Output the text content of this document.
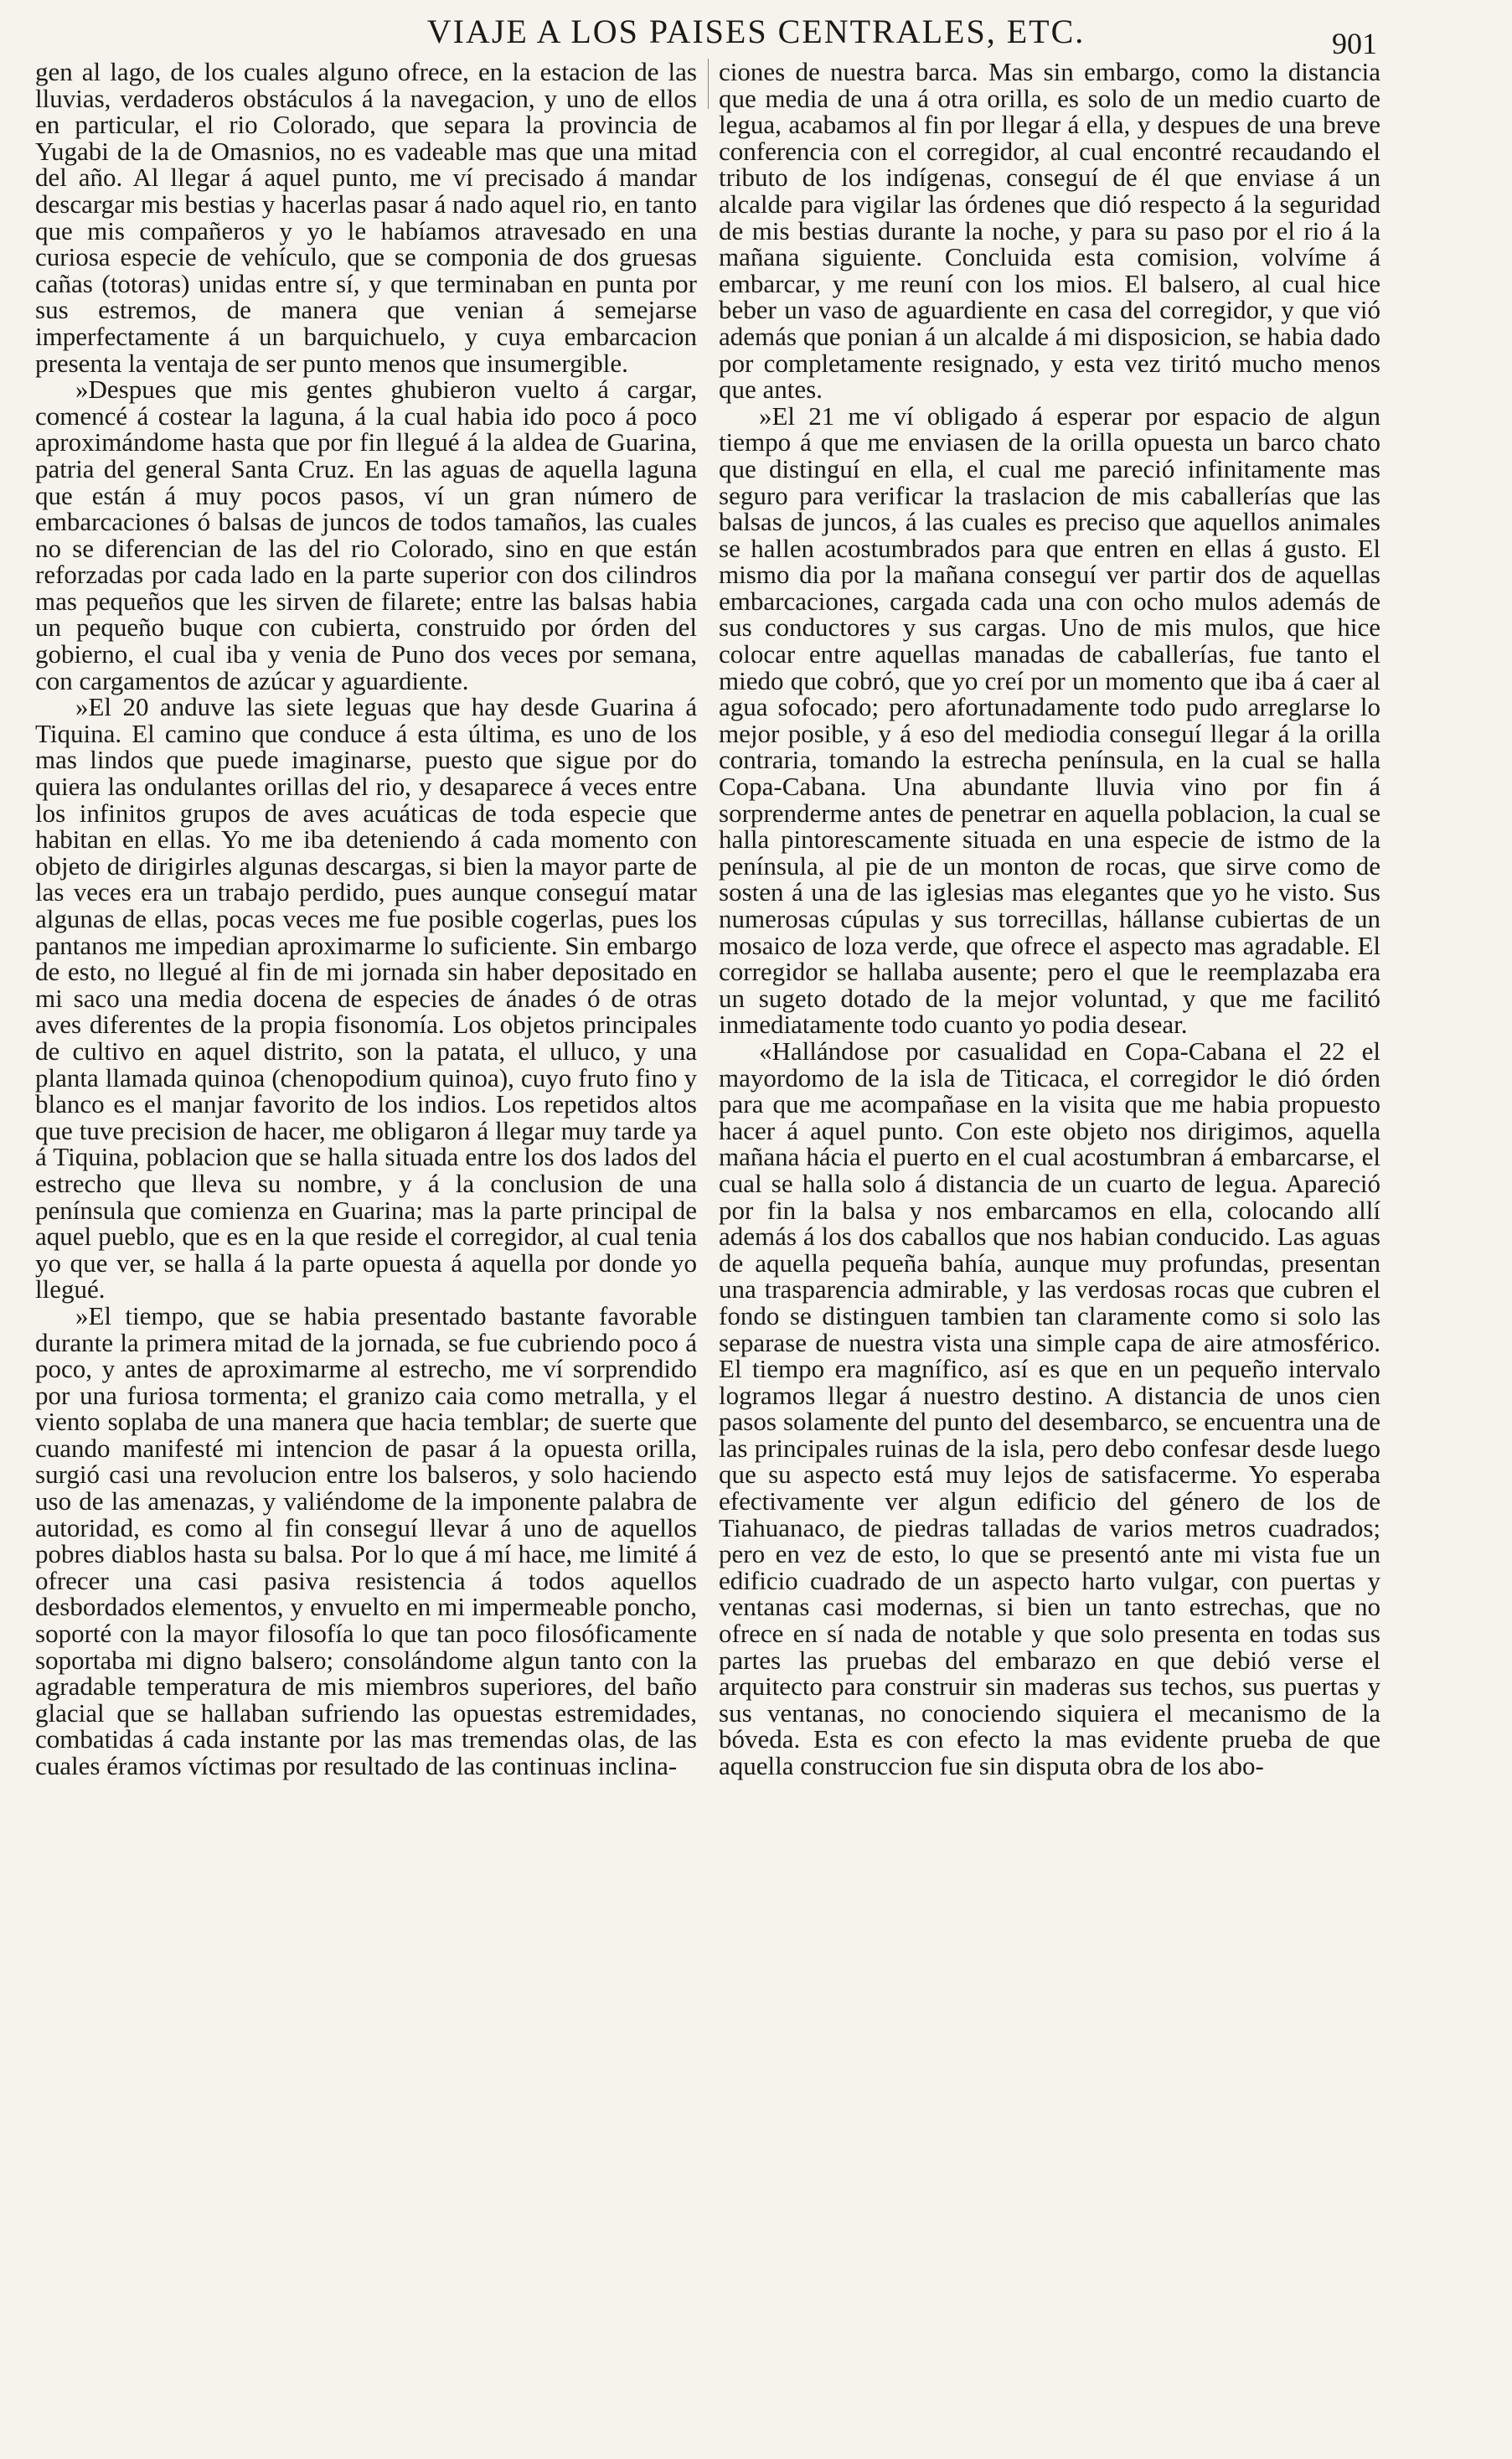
VIAJE A LOS PAISES CENTRALES, ETC.	901

gen al lago, de los cuales alguno ofrece, en la estacion de las lluvias, verdaderos obstáculos á la navegacion, y uno de ellos en particular, el rio Colorado, que separa la provincia de Yugabi de la de Omasnios, no es vadeable mas que una mitad del año. Al llegar á aquel punto, me ví precisado á mandar descargar mis bestias y hacerlas pasar á nado aquel rio, en tanto que mis compañeros y yo le habíamos atravesado en una curiosa especie de vehículo, que se componia de dos gruesas cañas (totoras) unidas entre sí, y que terminaban en punta por sus estremos, de manera que venian á semejarse imperfectamente á un barquichuelo, y cuya embarcacion presenta la ventaja de ser punto menos que insumergible.

»Despues que mis gentes ghubieron vuelto á cargar, comencé á costear la laguna, á la cual habia ido poco á poco aproximándome hasta que por fin llegué á la aldea de Guarina, patria del general Santa Cruz. En las aguas de aquella laguna que están á muy pocos pasos, ví un gran número de embarcaciones ó balsas de juncos de todos tamaños, las cuales no se diferencian de las del rio Colorado, sino en que están reforzadas por cada lado en la parte superior con dos cilindros mas pequeños que les sirven de filarete; entre las balsas habia un pequeño buque con cubierta, construido por órden del gobierno, el cual iba y venia de Puno dos veces por semana, con cargamentos de azúcar y aguardiente.

»El 20 anduve las siete leguas que hay desde Guarina á Tiquina. El camino que conduce á esta última, es uno de los mas lindos que puede imaginarse, puesto que sigue por do quiera las ondulantes orillas del rio, y desaparece á veces entre los infinitos grupos de aves acuáticas de toda especie que habitan en ellas. Yo me iba deteniendo á cada momento con objeto de dirigirles algunas descargas, si bien la mayor parte de las veces era un trabajo perdido, pues aunque conseguí matar algunas de ellas, pocas veces me fue posible cogerlas, pues los pantanos me impedian aproximarme lo suficiente. Sin embargo de esto, no llegué al fin de mi jornada sin haber depositado en mi saco una media docena de especies de ánades ó de otras aves diferentes de la propia fisonomía. Los objetos principales de cultivo en aquel distrito, son la patata, el ulluco, y una planta llamada quinoa (chenopodium quinoa), cuyo fruto fino y blanco es el manjar favorito de los indios. Los repetidos altos que tuve precision de hacer, me obligaron á llegar muy tarde ya á Tiquina, poblacion que se halla situada entre los dos lados del estrecho que lleva su nombre, y á la conclusion de una península que comienza en Guarina; mas la parte principal de aquel pueblo, que es en la que reside el corregidor, al cual tenia yo que ver, se halla á la parte opuesta á aquella por donde yo llegué.

»El tiempo, que se habia presentado bastante favorable durante la primera mitad de la jornada, se fue cubriendo poco á poco, y antes de aproximarme al estrecho, me ví sorprendido por una furiosa tormenta; el granizo caia como metralla, y el viento soplaba de una manera que hacia temblar; de suerte que cuando manifesté mi intencion de pasar á la opuesta orilla, surgió casi una revolucion entre los balseros, y solo haciendo uso de las amenazas, y valiéndome de la imponente palabra de autoridad, es como al fin conseguí llevar á uno de aquellos pobres diablos hasta su balsa. Por lo que á mí hace, me limité á ofrecer una casi pasiva resistencia á todos aquellos desbordados elementos, y envuelto en mi impermeable poncho, soporté con la mayor filosofía lo que tan poco filosóficamente soportaba mi digno balsero; consolándome algun tanto con la agradable temperatura de mis miembros superiores, del baño glacial que se hallaban sufriendo las opuestas estremidades, combatidas á cada instante por las mas tremendas olas, de las cuales éramos víctimas por resultado de las continuas inclina-

ciones de nuestra barca. Mas sin embargo, como la distancia que media de una á otra orilla, es solo de un medio cuarto de legua, acabamos al fin por llegar á ella, y despues de una breve conferencia con el corregidor, al cual encontré recaudando el tributo de los indígenas, conseguí de él que enviase á un alcalde para vigilar las órdenes que dió respecto á la seguridad de mis bestias durante la noche, y para su paso por el rio á la mañana siguiente. Concluida esta comision, volvíme á embarcar, y me reuní con los mios. El balsero, al cual hice beber un vaso de aguardiente en casa del corregidor, y que vió además que ponian á un alcalde á mi disposicion, se habia dado por completamente resignado, y esta vez tiritó mucho menos que antes.

»El 21 me ví obligado á esperar por espacio de algun tiempo á que me enviasen de la orilla opuesta un barco chato que distinguí en ella, el cual me pareció infinitamente mas seguro para verificar la traslacion de mis caballerías que las balsas de juncos, á las cuales es preciso que aquellos animales se hallen acostumbrados para que entren en ellas á gusto. El mismo dia por la mañana conseguí ver partir dos de aquellas embarcaciones, cargada cada una con ocho mulos además de sus conductores y sus cargas. Uno de mis mulos, que hice colocar entre aquellas manadas de caballerías, fue tanto el miedo que cobró, que yo creí por un momento que iba á caer al agua sofocado; pero afortunadamente todo pudo arreglarse lo mejor posible, y á eso del mediodia conseguí llegar á la orilla contraria, tomando la estrecha península, en la cual se halla Copa-Cabana. Una abundante lluvia vino por fin á sorprenderme antes de penetrar en aquella poblacion, la cual se halla pintorescamente situada en una especie de istmo de la península, al pie de un monton de rocas, que sirve como de sosten á una de las iglesias mas elegantes que yo he visto. Sus numerosas cúpulas y sus torrecillas, hállanse cubiertas de un mosaico de loza verde, que ofrece el aspecto mas agradable. El corregidor se hallaba ausente; pero el que le reemplazaba era un sugeto dotado de la mejor voluntad, y que me facilitó inmediatamente todo cuanto yo podia desear.

«Hallándose por casualidad en Copa-Cabana el 22 el mayordomo de la isla de Titicaca, el corregidor le dió órden para que me acompañase en la visita que me habia propuesto hacer á aquel punto. Con este objeto nos dirigimos, aquella mañana hácia el puerto en el cual acostumbran á embarcarse, el cual se halla solo á distancia de un cuarto de legua. Apareció por fin la balsa y nos embarcamos en ella, colocando allí además á los dos caballos que nos habian conducido. Las aguas de aquella pequeña bahía, aunque muy profundas, presentan una trasparencia admirable, y las verdosas rocas que cubren el fondo se distinguen tambien tan claramente como si solo las separase de nuestra vista una simple capa de aire atmosférico. El tiempo era magnífico, así es que en un pequeño intervalo logramos llegar á nuestro destino. A distancia de unos cien pasos solamente del punto del desembarco, se encuentra una de las principales ruinas de la isla, pero debo confesar desde luego que su aspecto está muy lejos de satisfacerme. Yo esperaba efectivamente ver algun edificio del género de los de Tiahuanaco, de piedras talladas de varios metros cuadrados; pero en vez de esto, lo que se presentó ante mi vista fue un edificio cuadrado de un aspecto harto vulgar, con puertas y ventanas casi modernas, si bien un tanto estrechas, que no ofrece en sí nada de notable y que solo presenta en todas sus partes las pruebas del embarazo en que debió verse el arquitecto para construir sin maderas sus techos, sus puertas y sus ventanas, no conociendo siquiera el mecanismo de la bóveda. Esta es con efecto la mas evidente prueba de que aquella construccion fue sin disputa obra de los abo-
